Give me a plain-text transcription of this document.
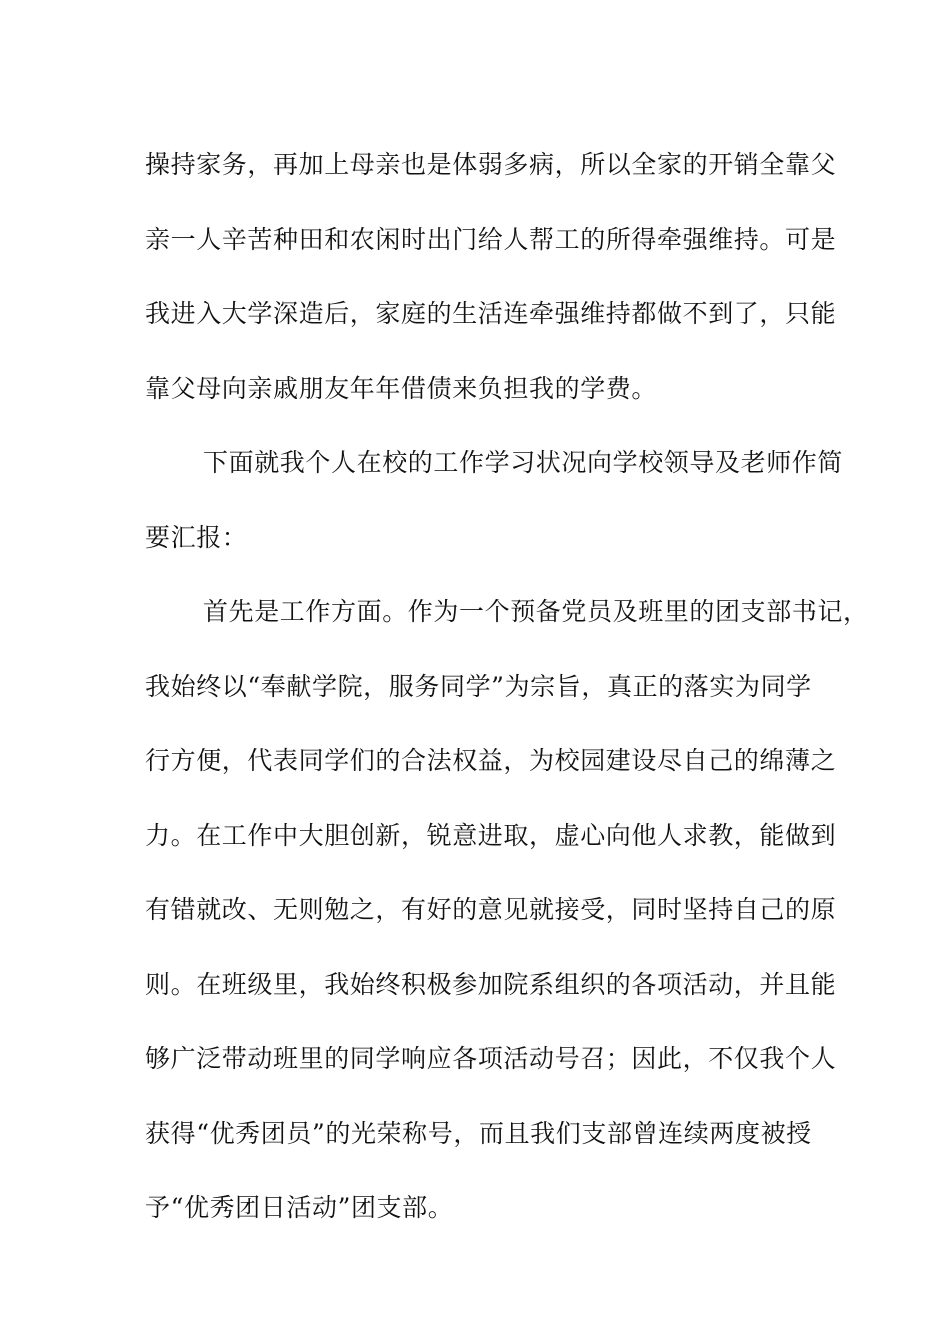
操持家务，再加上母亲也是体弱多病，所以全家的开销全靠父
亲一人辛苦种田和农闲时出门给人帮工的所得牵强维持。可是
我进入大学深造后，家庭的生活连牵强维持都做不到了，只能
靠父母向亲戚朋友年年借债来负担我的学费。
下面就我个人在校的工作学习状况向学校领导及老师作简
要汇报：
首先是工作方面。作为一个预备党员及班里的团支部书记，
我始终以“奉献学院，服务同学”为宗旨，真正的落实为同学
行方便，代表同学们的合法权益，为校园建设尽自己的绵薄之
力。在工作中大胆创新，锐意进取，虚心向他人求教，能做到
有错就改、无则勉之，有好的意见就接受，同时坚持自己的原
则。在班级里，我始终积极参加院系组织的各项活动，并且能
够广泛带动班里的同学响应各项活动号召；因此，不仅我个人
获得“优秀团员”的光荣称号，而且我们支部曾连续两度被授
予“优秀团日活动”团支部。
